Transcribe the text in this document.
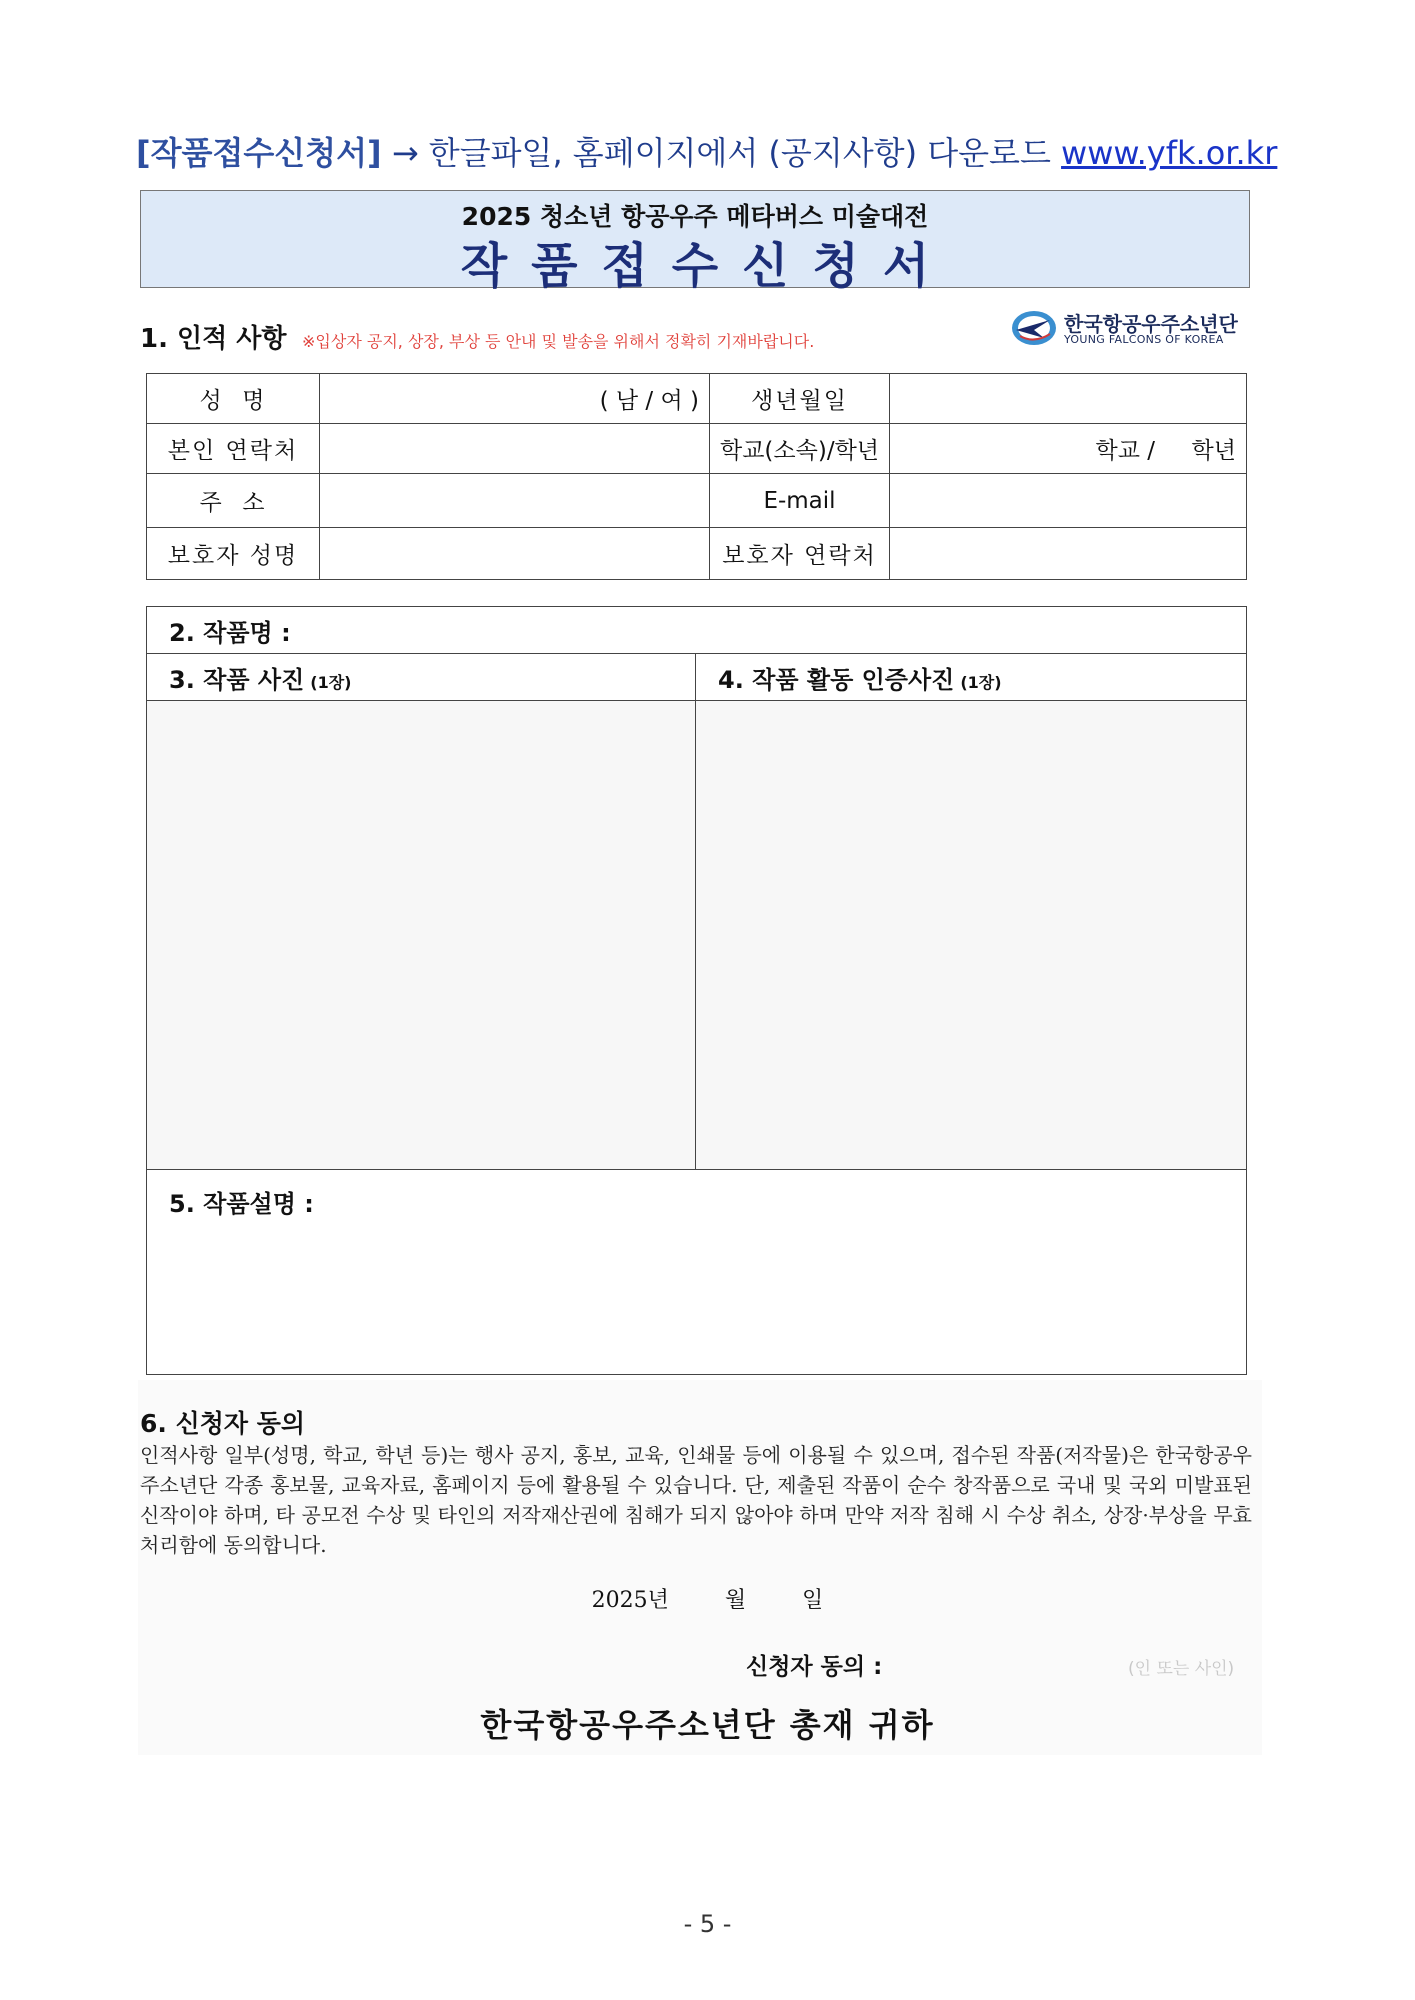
[작품접수신청서] → 한글파일, 홈페이지에서 (공지사항) 다운로드 www.yfk.or.kr
2025 청소년 항공우주 메타버스 미술대전
작품접수신청서
1. 인적 사항 ※입상자 공지, 상장, 부상 등 안내 및 발송을 위해서 정확히 기재바랍니다.
한국항공우주소년단
YOUNG FALCONS OF KOREA
성  명	( 남 / 여 )	생년월일	
본인 연락처		학교(소속)/학년	학교 /     학년
주  소		E-mail	
보호자 성명		보호자 연락처	
2. 작품명 :	
3. 작품 사진 (1장)	4. 작품 활동 인증사진 (1장)

5. 작품설명 :	
6. 신청자 동의
인적사항 일부(성명, 학교, 학년 등)는 행사 공지, 홍보, 교육, 인쇄물 등에 이용될 수 있으며, 접수된 작품(저작물)은 한국항공우주소년단 각종 홍보물, 교육자료, 홈페이지 등에 활용될 수 있습니다. 단, 제출된 작품이 순수 창작품으로 국내 및 국외 미발표된 신작이야 하며, 타 공모전 수상 및 타인의 저작재산권에 침해가 되지 않아야 하며 만약 저작 침해 시 수상 취소, 상장·부상을 무효처리함에 동의합니다.
2025년        월        일
신청자 동의 :	(인 또는 사인)
한국항공우주소년단 총재 귀하
- 5 -
